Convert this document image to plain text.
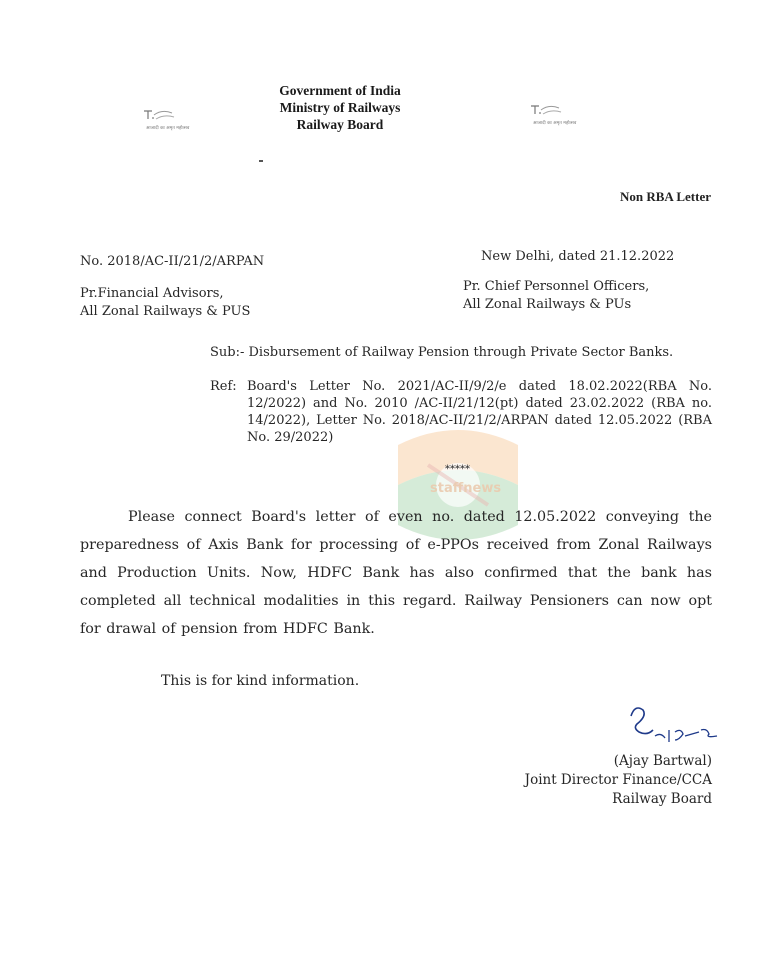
Government of India
Ministry of Railways
Railway Board
आजादी का अमृत महोत्सव
आजादी का अमृत महोत्सव
staffnews
Non RBA Letter
No. 2018/AC-II/21/2/ARPAN	New Delhi, dated 21.12.2022
Pr.Financial Advisors,
All Zonal Railways & PUS
Pr. Chief Personnel Officers,
All Zonal Railways & PUs
Sub:- Disbursement of Railway Pension through Private Sector Banks.
Ref: Board's Letter No. 2021/AC-II/9/2/e dated 18.02.2022(RBA No. 12/2022) and No. 2010 /AC-II/21/12(pt) dated 23.02.2022 (RBA no. 14/2022), Letter No. 2018/AC-II/21/2/ARPAN dated 12.05.2022 (RBA No. 29/2022)
*****
Please connect Board's letter of even no. dated 12.05.2022 conveying the preparedness of Axis Bank for processing of e-PPOs received from Zonal Railways and Production Units. Now, HDFC Bank has also confirmed that the bank has completed all technical modalities in this regard. Railway Pensioners can now opt for drawal of pension from HDFC Bank.
This is for kind information.
(Ajay Bartwal)
Joint Director Finance/CCA
Railway Board
